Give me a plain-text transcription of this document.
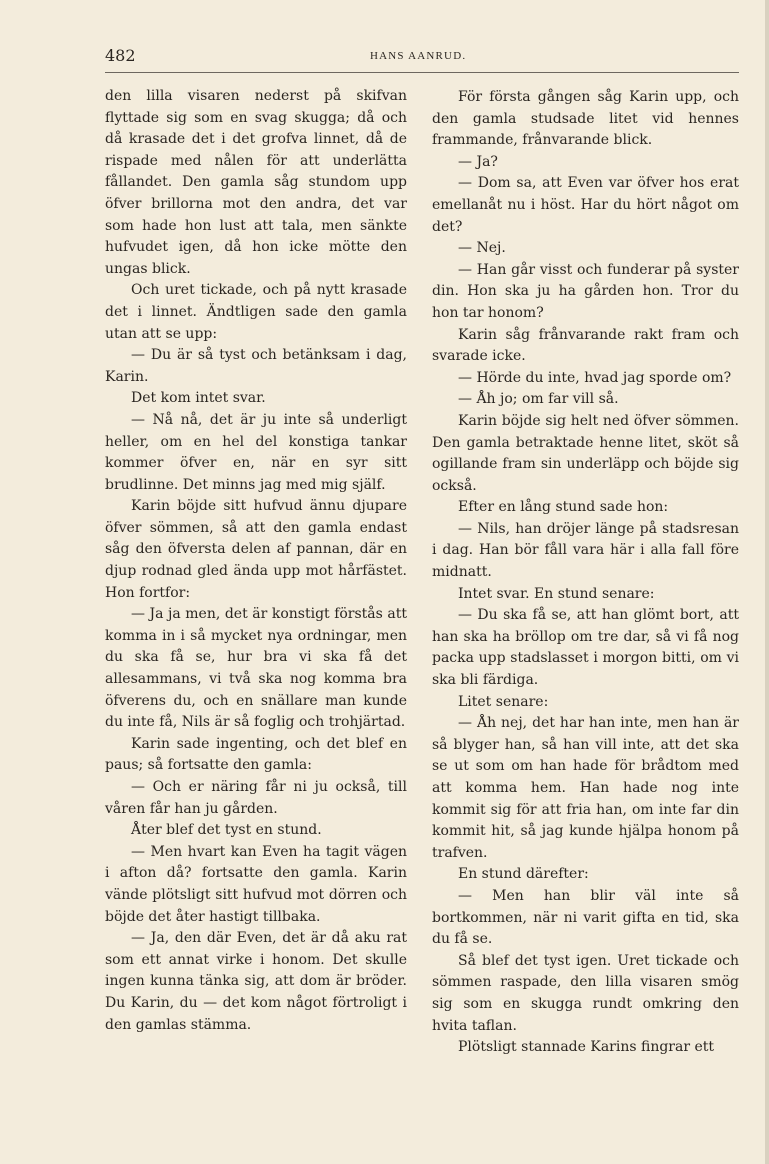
482	HANS AANRUD.

den lilla visaren nederst på skifvan flyttade sig som en svag skugga; då och då krasade det i det grofva linnet, då de rispade med nålen för att underlätta fållandet. Den gamla såg stundom upp öfver brillorna mot den andra, det var som hade hon lust att tala, men sänkte hufvudet igen, då hon icke mötte den ungas blick.

Och uret tickade, och på nytt krasade det i linnet. Ändtligen sade den gamla utan att se upp:

— Du är så tyst och betänksam i dag, Karin.

Det kom intet svar.

— Nå nå, det är ju inte så underligt heller, om en hel del konstiga tankar kommer öfver en, när en syr sitt brudlinne. Det minns jag med mig själf.

Karin böjde sitt hufvud ännu djupare öfver sömmen, så att den gamla endast såg den öfversta delen af pannan, där en djup rodnad gled ända upp mot hårfästet. Hon fortfor:

— Ja ja men, det är konstigt förstås att komma in i så mycket nya ordningar, men du ska få se, hur bra vi ska få det allesammans, vi två ska nog komma bra öfverens du, och en snällare man kunde du inte få, Nils är så foglig och trohjärtad.

Karin sade ingenting, och det blef en paus; så fortsatte den gamla:

— Och er näring får ni ju också, till våren får han ju gården.

Åter blef det tyst en stund.

— Men hvart kan Even ha tagit vägen i afton då? fortsatte den gamla. Karin vände plötsligt sitt hufvud mot dörren och böjde det åter hastigt tillbaka.

— Ja, den där Even, det är då aku rat som ett annat virke i honom. Det skulle ingen kunna tänka sig, att dom är bröder. Du Karin, du — det kom något förtroligt i den gamlas stämma.

För första gången såg Karin upp, och den gamla studsade litet vid hennes frammande, frånvarande blick.

— Ja?

— Dom sa, att Even var öfver hos erat emellanåt nu i höst. Har du hört något om det?

— Nej.

— Han går visst och funderar på syster din. Hon ska ju ha gården hon. Tror du hon tar honom?

Karin såg frånvarande rakt fram och svarade icke.

— Hörde du inte, hvad jag sporde om?

— Åh jo; om far vill så.

Karin böjde sig helt ned öfver sömmen. Den gamla betraktade henne litet, sköt så ogillande fram sin underläpp och böjde sig också.

Efter en lång stund sade hon:

— Nils, han dröjer länge på stadsresan i dag. Han bör fåll vara här i alla fall före midnatt.

Intet svar. En stund senare:

— Du ska få se, att han glömt bort, att han ska ha bröllop om tre dar, så vi få nog packa upp stadslasset i morgon bitti, om vi ska bli färdiga.

Litet senare:

— Åh nej, det har han inte, men han är så blyger han, så han vill inte, att det ska se ut som om han hade för brådtom med att komma hem. Han hade nog inte kommit sig för att fria han, om inte far din kommit hit, så jag kunde hjälpa honom på trafven.

En stund därefter:

— Men han blir väl inte så bortkommen, när ni varit gifta en tid, ska du få se.

Så blef det tyst igen. Uret tickade och sömmen raspade, den lilla visaren smög sig som en skugga rundt omkring den hvita taflan.

Plötsligt stannade Karins fingrar ett
